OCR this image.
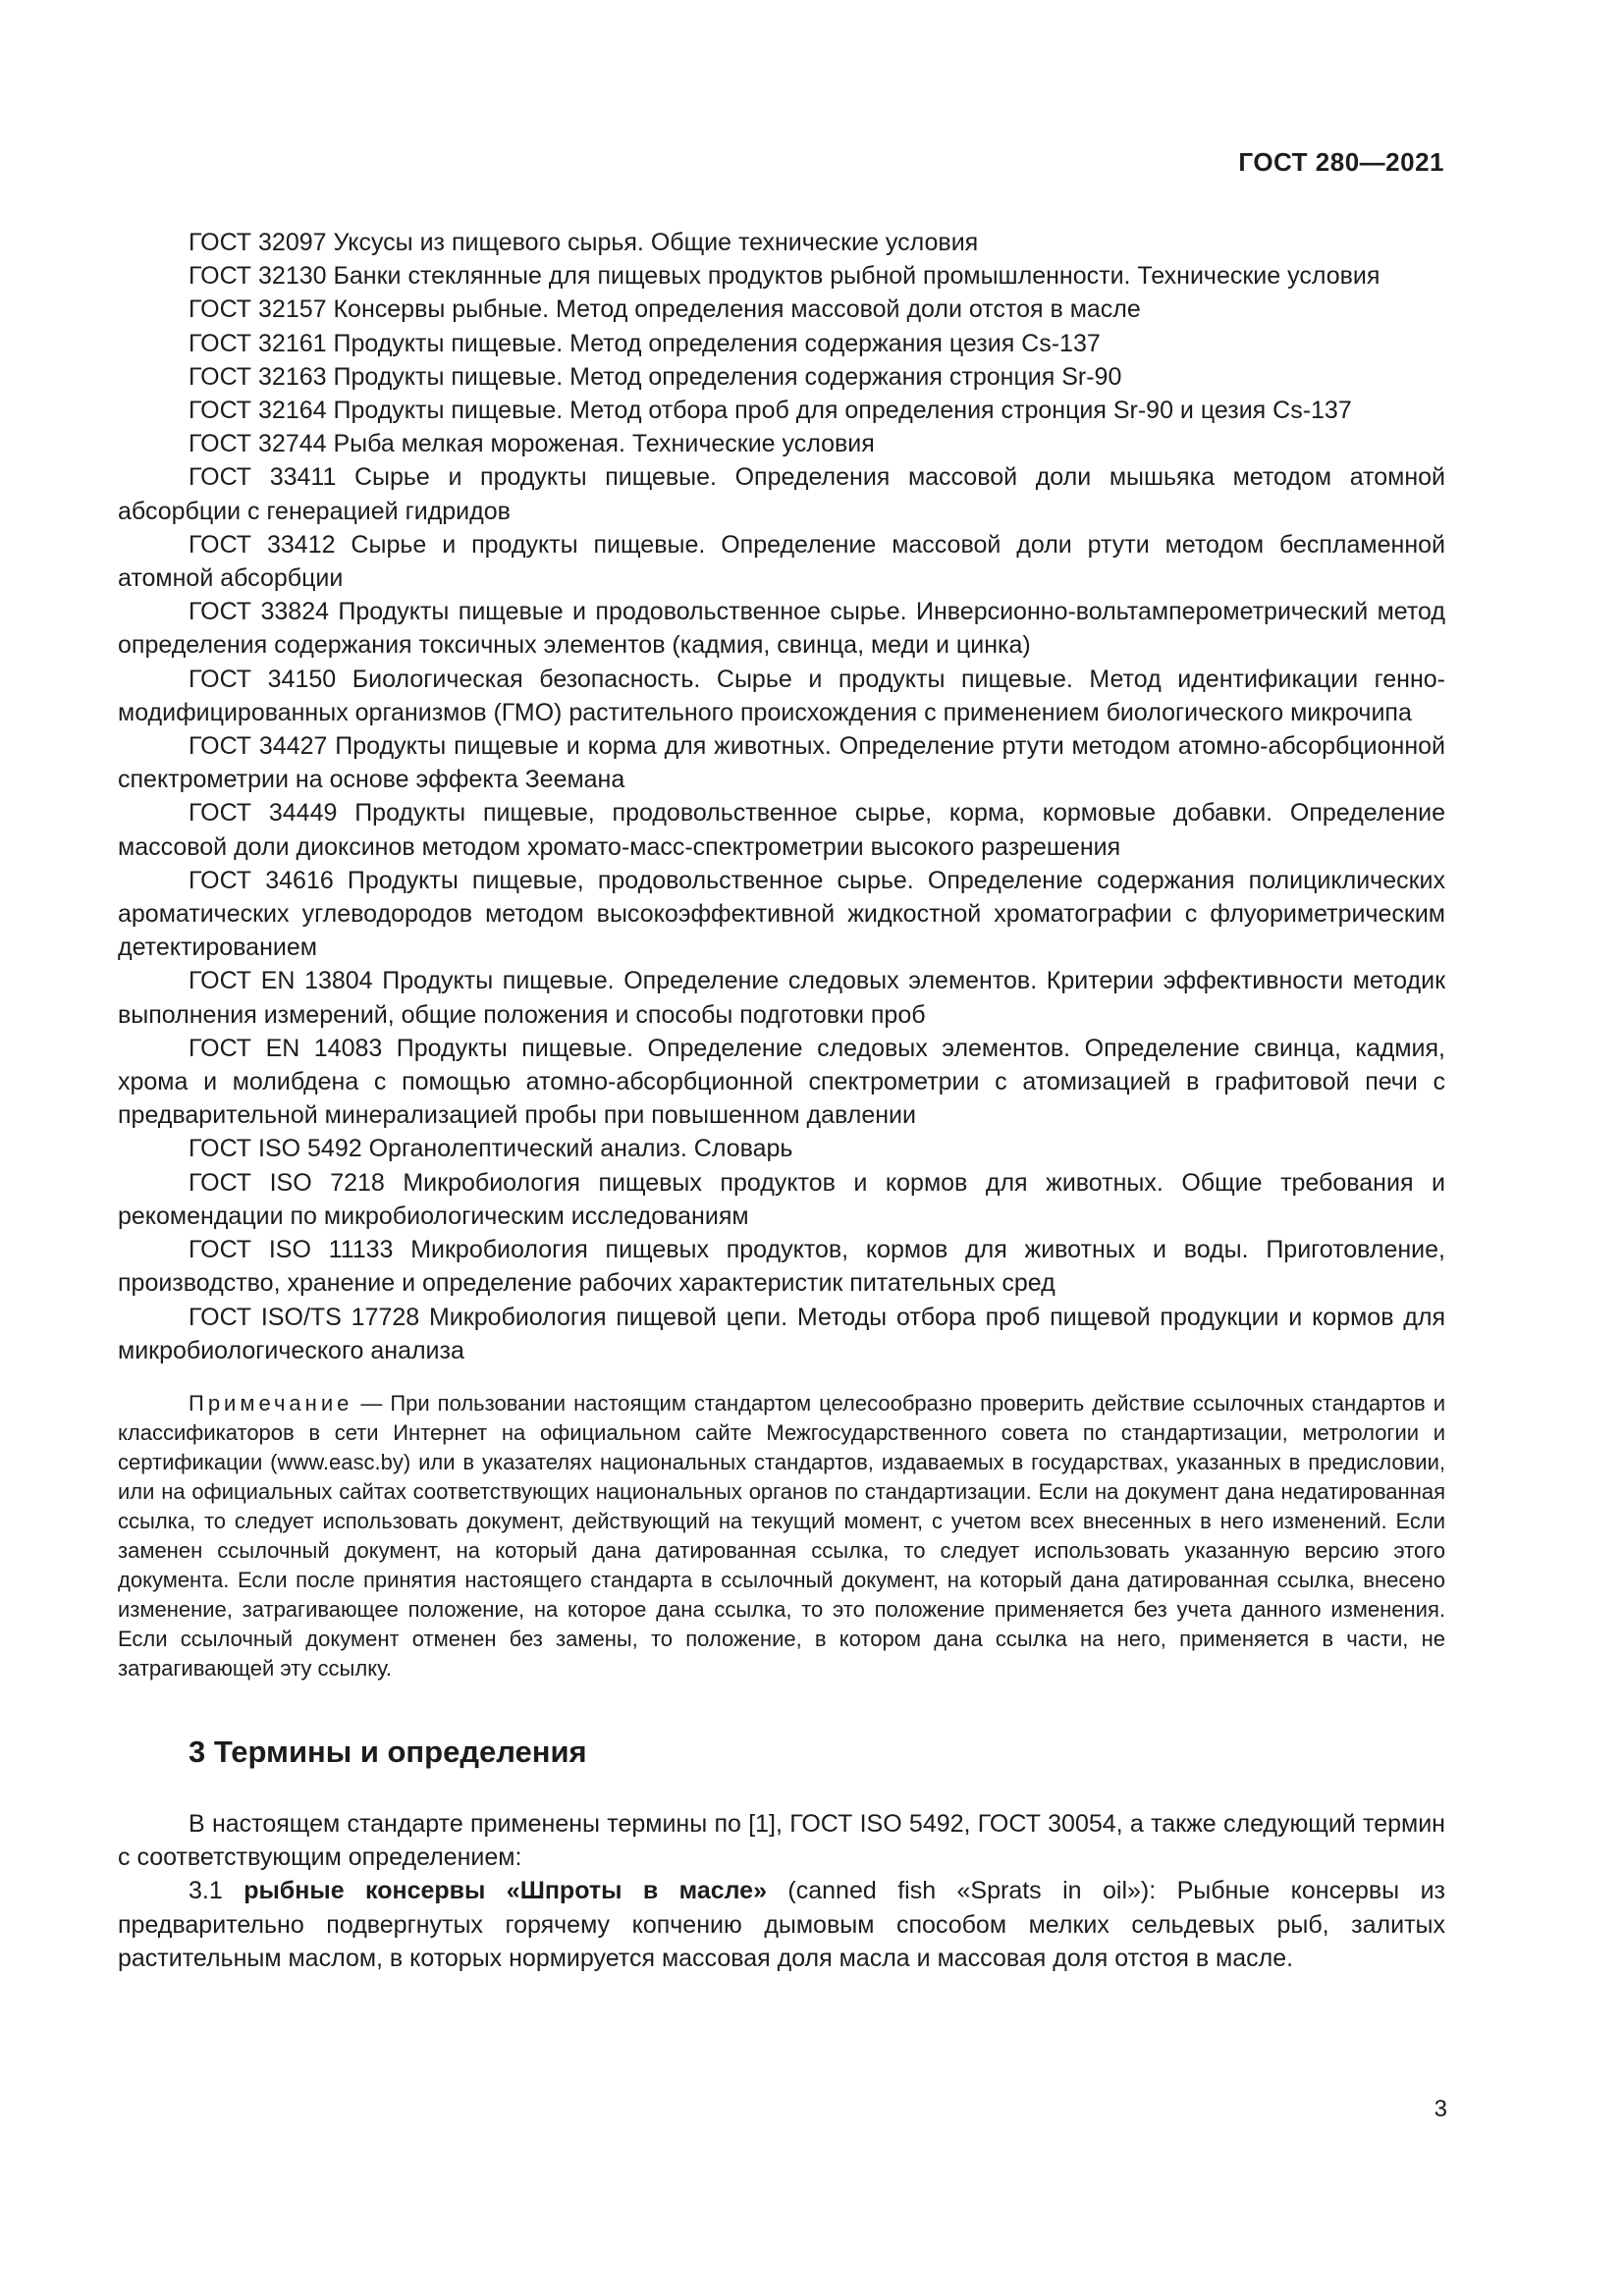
ГОСТ 280—2021

ГОСТ 32097 Уксусы из пищевого сырья. Общие технические условия

ГОСТ 32130 Банки стеклянные для пищевых продуктов рыбной промышленности. Технические условия

ГОСТ 32157 Консервы рыбные. Метод определения массовой доли отстоя в масле

ГОСТ 32161 Продукты пищевые. Метод определения содержания цезия Cs-137

ГОСТ 32163 Продукты пищевые. Метод определения содержания стронция Sr-90

ГОСТ 32164 Продукты пищевые. Метод отбора проб для определения стронция Sr-90 и цезия Cs-137

ГОСТ 32744 Рыба мелкая мороженая. Технические условия

ГОСТ 33411 Сырье и продукты пищевые. Определения массовой доли мышьяка методом атомной абсорбции с генерацией гидридов

ГОСТ 33412 Сырье и продукты пищевые. Определение массовой доли ртути методом беспламенной атомной абсорбции

ГОСТ 33824 Продукты пищевые и продовольственное сырье. Инверсионно-вольтамперометрический метод определения содержания токсичных элементов (кадмия, свинца, меди и цинка)

ГОСТ 34150 Биологическая безопасность. Сырье и продукты пищевые. Метод идентификации генно-модифицированных организмов (ГМО) растительного происхождения с применением биологического микрочипа

ГОСТ 34427 Продукты пищевые и корма для животных. Определение ртути методом атомно-абсорбционной спектрометрии на основе эффекта Зеемана

ГОСТ 34449 Продукты пищевые, продовольственное сырье, корма, кормовые добавки. Определение массовой доли диоксинов методом хромато-масс-спектрометрии высокого разрешения

ГОСТ 34616 Продукты пищевые, продовольственное сырье. Определение содержания полициклических ароматических углеводородов методом высокоэффективной жидкостной хроматографии с флуориметрическим детектированием

ГОСТ EN 13804 Продукты пищевые. Определение следовых элементов. Критерии эффективности методик выполнения измерений, общие положения и способы подготовки проб

ГОСТ EN 14083 Продукты пищевые. Определение следовых элементов. Определение свинца, кадмия, хрома и молибдена с помощью атомно-абсорбционной спектрометрии с атомизацией в графитовой печи с предварительной минерализацией пробы при повышенном давлении

ГОСТ ISO 5492 Органолептический анализ. Словарь

ГОСТ ISO 7218 Микробиология пищевых продуктов и кормов для животных. Общие требования и рекомендации по микробиологическим исследованиям

ГОСТ ISO 11133 Микробиология пищевых продуктов, кормов для животных и воды. Приготовление, производство, хранение и определение рабочих характеристик питательных сред

ГОСТ ISO/TS 17728 Микробиология пищевой цепи. Методы отбора проб пищевой продукции и кормов для микробиологического анализа

Примечание — При пользовании настоящим стандартом целесообразно проверить действие ссылочных стандартов и классификаторов в сети Интернет на официальном сайте Межгосударственного совета по стандартизации, метрологии и сертификации (www.easc.by) или в указателях национальных стандартов, издаваемых в государствах, указанных в предисловии, или на официальных сайтах соответствующих национальных органов по стандартизации. Если на документ дана недатированная ссылка, то следует использовать документ, действующий на текущий момент, с учетом всех внесенных в него изменений. Если заменен ссылочный документ, на который дана датированная ссылка, то следует использовать указанную версию этого документа. Если после принятия настоящего стандарта в ссылочный документ, на который дана датированная ссылка, внесено изменение, затрагивающее положение, на которое дана ссылка, то это положение применяется без учета данного изменения. Если ссылочный документ отменен без замены, то положение, в котором дана ссылка на него, применяется в части, не затрагивающей эту ссылку.

3 Термины и определения

В настоящем стандарте применены термины по [1], ГОСТ ISO 5492, ГОСТ 30054, а также следующий термин с соответствующим определением:

3.1 рыбные консервы «Шпроты в масле» (canned fish «Sprats in oil»): Рыбные консервы из предварительно подвергнутых горячему копчению дымовым способом мелких сельдевых рыб, залитых растительным маслом, в которых нормируется массовая доля масла и массовая доля отстоя в масле.

3
